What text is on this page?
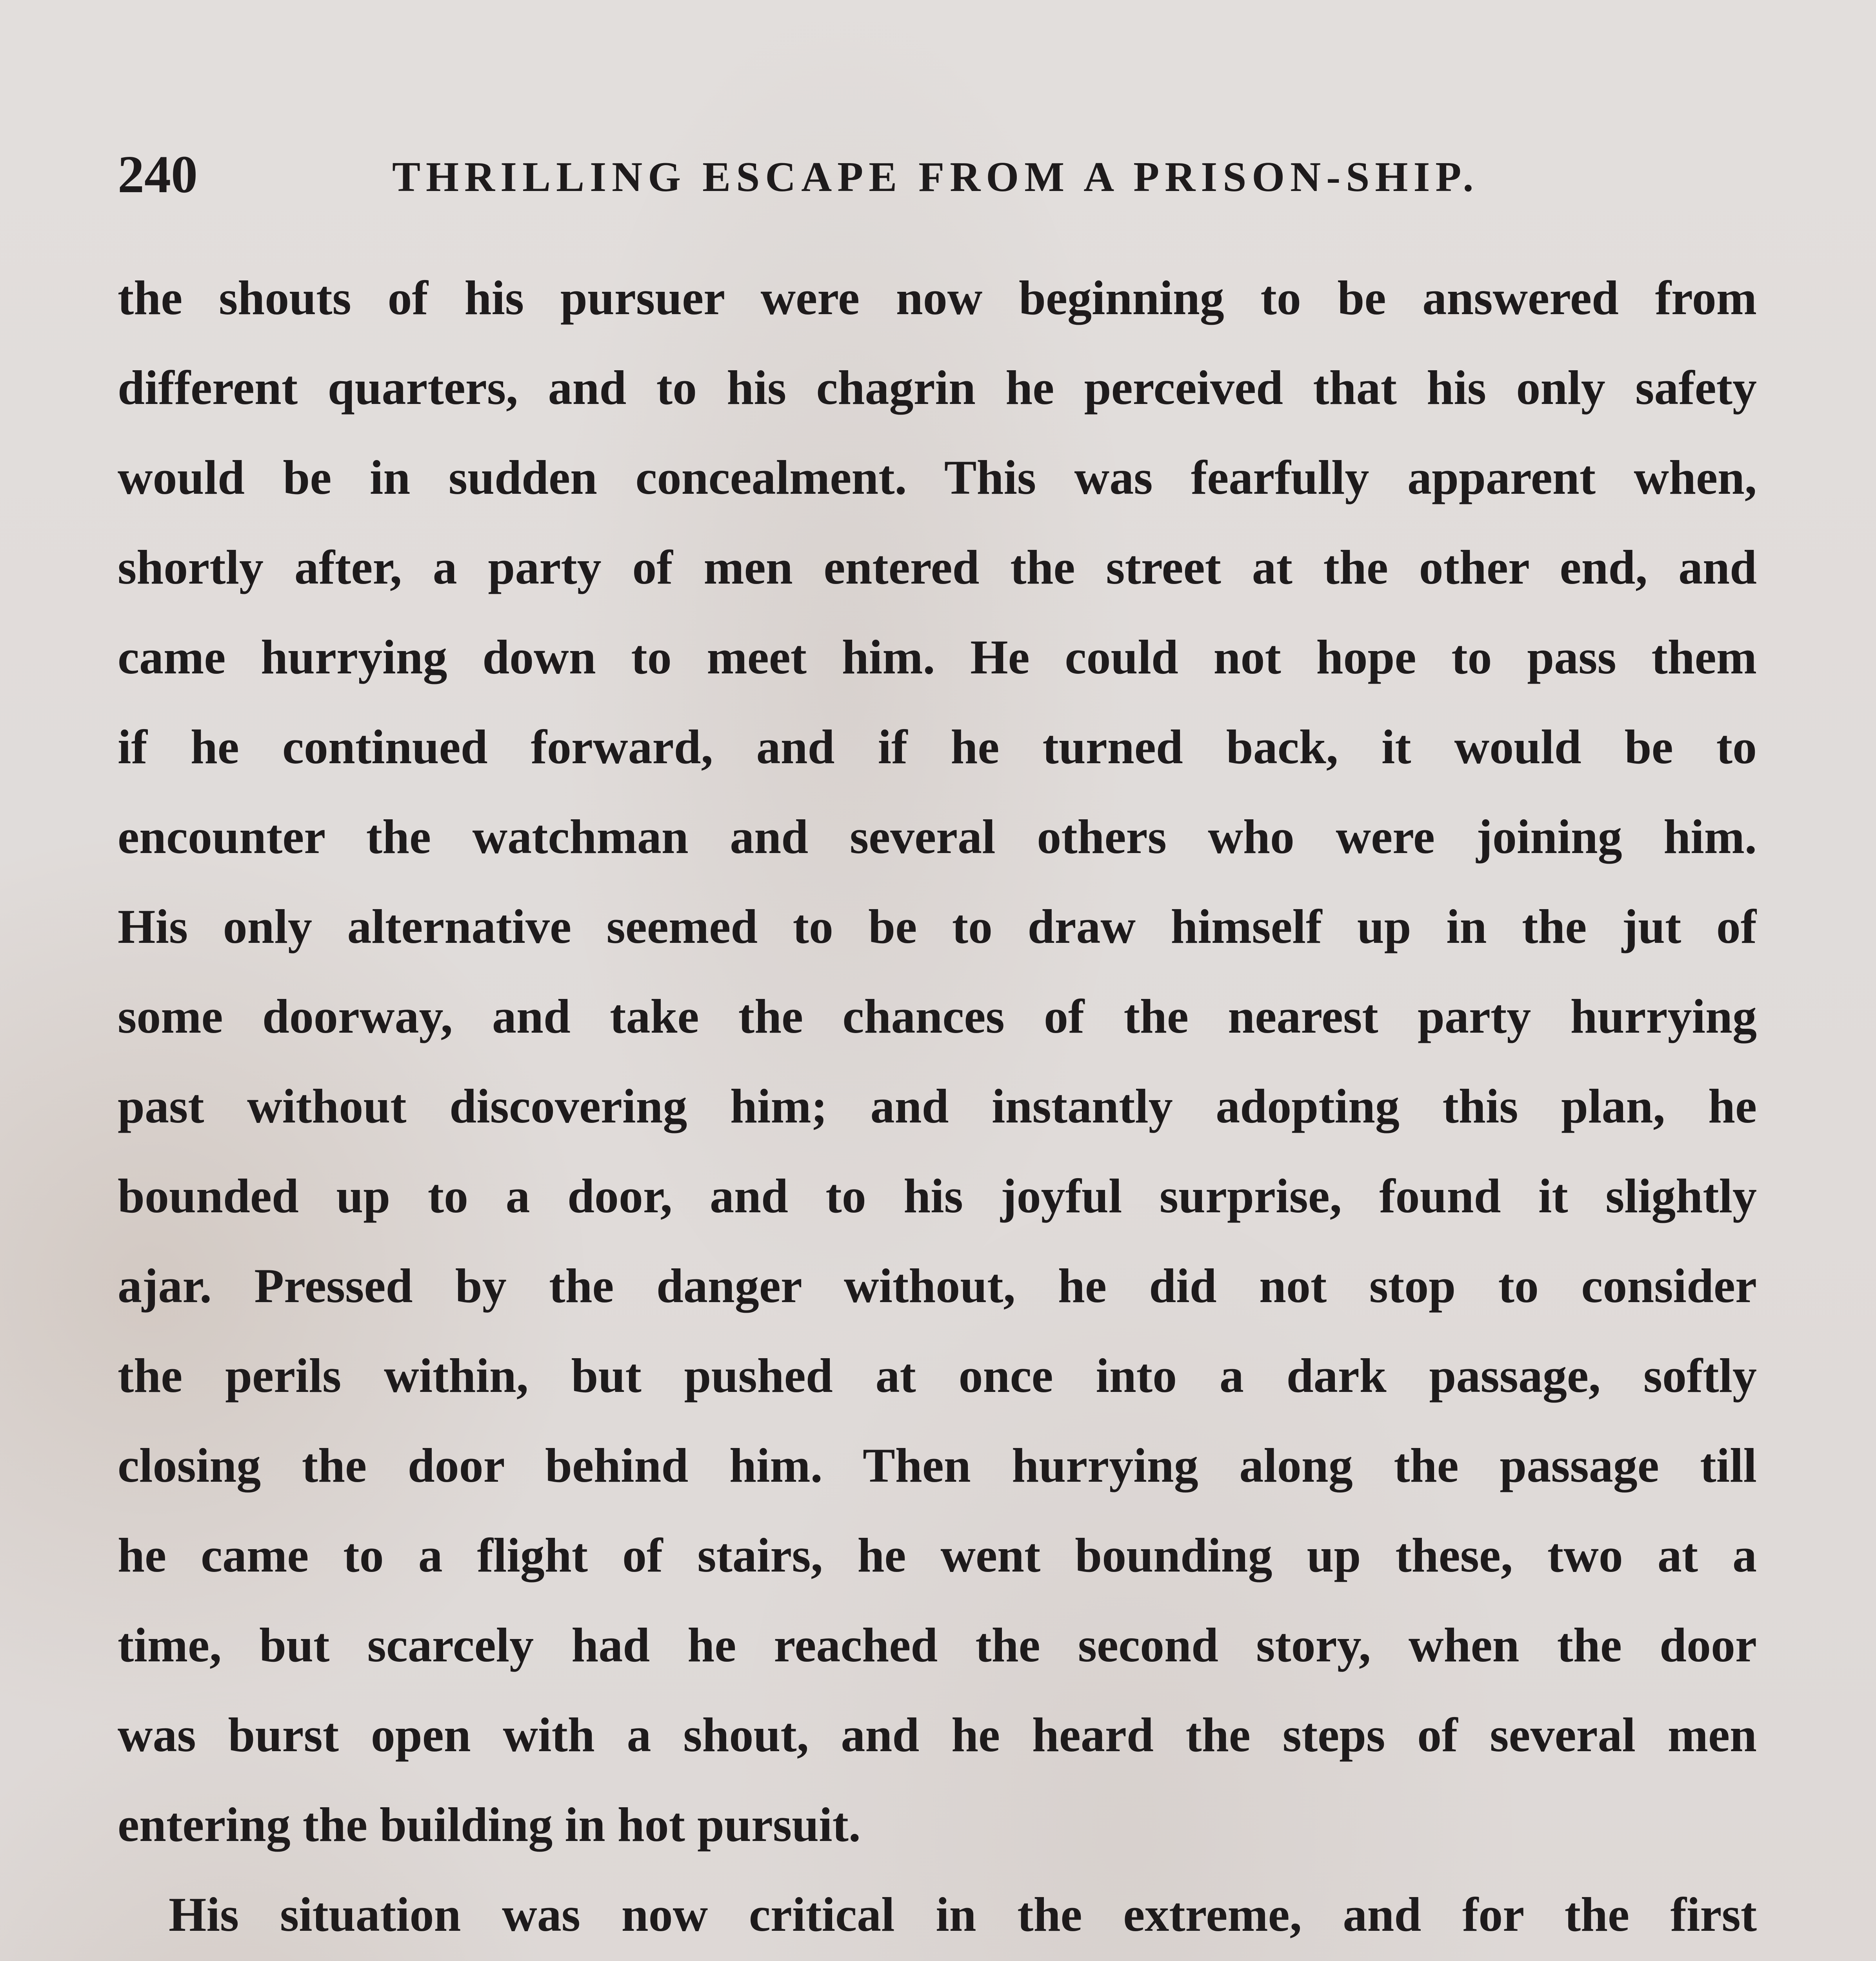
240	THRILLING ESCAPE FROM A PRISON-SHIP.
the shouts of his pursuer were now beginning to be answered from
different quarters, and to his chagrin he perceived that his only safety
would be in sudden concealment. This was fearfully apparent when,
shortly after, a party of men entered the street at the other end, and
came hurrying down to meet him. He could not hope to pass them
if he continued forward, and if he turned back, it would be to
encounter the watchman and several others who were joining him.
His only alternative seemed to be to draw himself up in the jut of
some doorway, and take the chances of the nearest party hurrying
past without discovering him; and instantly adopting this plan, he
bounded up to a door, and to his joyful surprise, found it slightly
ajar. Pressed by the danger without, he did not stop to consider
the perils within, but pushed at once into a dark passage, softly
closing the door behind him. Then hurrying along the passage till
he came to a flight of stairs, he went bounding up these, two at a
time, but scarcely had he reached the second story, when the door
was burst open with a shout, and he heard the steps of several men
entering the building in hot pursuit.
His situation was now critical in the extreme, and for the first
